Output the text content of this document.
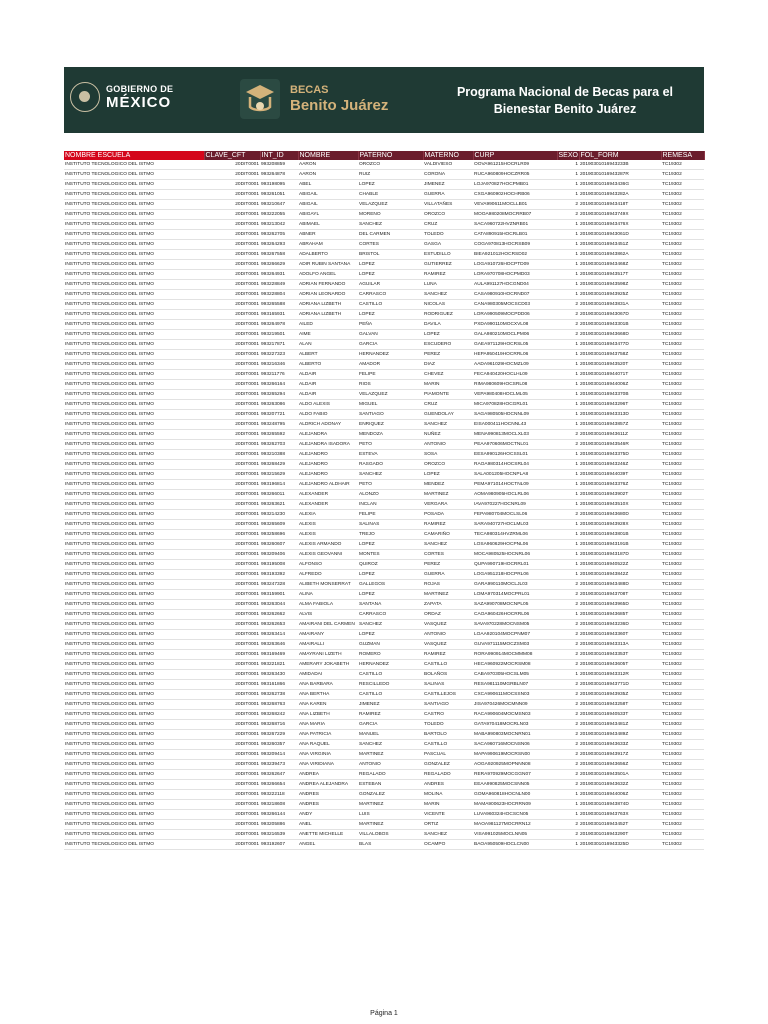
GOBIERNO DE
MÉXICO
BECAS
Benito Juárez
Programa Nacional de Becas para el
Bienestar Benito Juárez
NOMBRE ESCUELA	CLAVE_CFT	INT_ID	NOMBRE	PATERNO	MATERNO	CURP	SEXO	FOL_FORM	REMESA
INSTITUTO TECNOLOGICO DEL ISTMO	20DIT0001	993208859	AARON	OROZCO	VALDIVIESO	OOVA961215HOCRLR09	1	20190301016943233B	TC19302
INSTITUTO TECNOLOGICO DEL ISTMO	20DIT0001	993264878	AARON	RUIZ	CORONA	RUCA960809HOCZRR05	1	20190301016943287R	TC19302
INSTITUTO TECNOLOGICO DEL ISTMO	20DIT0001	993198095	ABEL	LOPEZ	JIMENEZ	LOJA970827HOCPMB01	1	20190301016943436G	TC19302
INSTITUTO TECNOLOGICO DEL ISTMO	20DIT0001	993261051	ABIGAIL	CHABLE	GUERRA	CXGA960902HOCHRB06	1	20190301016943282A	TC19302
INSTITUTO TECNOLOGICO DEL ISTMO	20DIT0001	993210647	ABIGAIL	VELAZQUEZ	VILLATAÑES	VEVA990611MOCLLB01	2	20190301016943418T	TC19302
INSTITUTO TECNOLOGICO DEL ISTMO	20DIT0001	993222055	ABIGAYL	MORENO	OROZCO	MOOA980208MOCRRB07	2	20190301016943749X	TC19302
INSTITUTO TECNOLOGICO DEL ISTMO	20DIT0001	993213042	ABIMAEL	SANCHEZ	CRUZ	SACA960722HVZNRB01	1	20190301016943476X	TC19302
INSTITUTO TECNOLOGICO DEL ISTMO	20DIT0001	993262705	ABNER	DEL CARMEN	TOLEDO	CATA890915HOCRLB01	1	20190301016943061D	TC19302
INSTITUTO TECNOLOGICO DEL ISTMO	20DIT0001	993264293	ABRAHAM	CORTES	GASGA	COGA970813HOCRSB09	1	20190301016943451Z	TC19302
INSTITUTO TECNOLOGICO DEL ISTMO	20DIT0001	993267558	ADALBERTO	BRISTOL	ESTUDILLO	BIEA921012HOCRSD02	1	20190301016943862A	TC19302
INSTITUTO TECNOLOGICO DEL ISTMO	20DIT0001	993266629	ADIR RUBIN SANTANA	LOPEZ	GUTIERREZ	LOGA910726HOCPTD09	1	20190301016943468Z	TC19302
INSTITUTO TECNOLOGICO DEL ISTMO	20DIT0001	993264931	ADOLFO ANGEL	LOPEZ	RAMIREZ	LORA970708HOCPMD03	1	20190301016943517T	TC19302
INSTITUTO TECNOLOGICO DEL ISTMO	20DIT0001	993228849	ADRIAN FERNANDO	AGUILAR	LUNA	AULA991127HOCGND04	1	20190301016943598Z	TC19302
INSTITUTO TECNOLOGICO DEL ISTMO	20DIT0001	993228804	ADRIAN LEONARDO	CARRASCO	SANCHEZ	CASA980910HOCRND07	1	20190301016943925Z	TC19302
INSTITUTO TECNOLOGICO DEL ISTMO	20DIT0001	993265588	ADRIANA LIZBETH	CASTILLO	NICOLAS	CANA980305MOCSCD03	2	20190301016943831A	TC19302
INSTITUTO TECNOLOGICO DEL ISTMO	20DIT0001	993165931	ADRIANA LIZBETH	LOPEZ	RODRIGUEZ	LORA990509MOCPDD06	2	20190301016943067D	TC19302
INSTITUTO TECNOLOGICO DEL ISTMO	20DIT0001	993264978	AILED	PEÑA	DAVILA	PXDA990110MOCXVL08	2	20190301016943301B	TC19302
INSTITUTO TECNOLOGICO DEL ISTMO	20DIT0001	993219501	AIME	GALVAN	LOPEZ	GALA980210MOCLPM06	2	20190301016943668D	TC19302
INSTITUTO TECNOLOGICO DEL ISTMO	20DIT0001	993217871	ALAN	GARCIA	ESCUDERO	GAEA971129HOCRSL05	1	20190301016943477D	TC19302
INSTITUTO TECNOLOGICO DEL ISTMO	20DIT0001	993227323	ALBERT	HERNANDEZ	PEREZ	HEPA950419HOCRRL06	1	20190301016943758Z	TC19302
INSTITUTO TECNOLOGICO DEL ISTMO	20DIT0001	993216346	ALBERTO	AMADOR	DIAZ	AADA961029HOCMZL09	1	20190301016943520T	TC19302
INSTITUTO TECNOLOGICO DEL ISTMO	20DIT0001	993211776	ALDAIR	FELIPE	CHEVEZ	FECA940420HOCLHL09	1	20190301016944071T	TC19302
INSTITUTO TECNOLOGICO DEL ISTMO	20DIT0001	993266164	ALDAIR	RIOS	MARIN	RIMA980609HOCSRL08	1	20190301016944006Z	TC19302
INSTITUTO TECNOLOGICO DEL ISTMO	20DIT0001	993265294	ALDAIR	VELAZQUEZ	PIAMONTE	VEPA980408HOCLML05	1	20190301016943370B	TC19302
INSTITUTO TECNOLOGICO DEL ISTMO	20DIT0001	993263086	ALDO ALEXIS	MIGUEL	CRUZ	MICA970828HOCGRL01	1	20190301016943296T	TC19302
INSTITUTO TECNOLOGICO DEL ISTMO	20DIT0001	993207721	ALDO FABIO	SANTIAGO	GUENDOLAY	SAGA980505HOCNNL09	1	20190301016943313D	TC19302
INSTITUTO TECNOLOGICO DEL ISTMO	20DIT0001	993248795	ALDRICH ADONAY	ENRIQUEZ	SANCHEZ	EISA000411HOCNNL43	1	20190301016943857Z	TC19302
INSTITUTO TECNOLOGICO DEL ISTMO	20DIT0001	993265592	ALEJANDRA	MENDOZA	NUÑEZ	MENA990813MOCLXL03	2	20190301016943611Z	TC19302
INSTITUTO TECNOLOGICO DEL ISTMO	20DIT0001	993262703	ALEJANDRA ISADORA	PETO	ANTONIO	PEAA970606MOCTNL01	2	20190301016943546R	TC19302
INSTITUTO TECNOLOGICO DEL ISTMO	20DIT0001	993210388	ALEJANDRO	ESTEVA	SOSA	EESA990126HOCSSL01	1	20190301016943375D	TC19302
INSTITUTO TECNOLOGICO DEL ISTMO	20DIT0001	993268429	ALEJANDRO	RASGADO	OROZCO	RAOA980314HOCSRL04	1	20190301016943246Z	TC19302
INSTITUTO TECNOLOGICO DEL ISTMO	20DIT0001	993215629	ALEJANDRO	SANCHEZ	LOPEZ	SALA001205HOCNPLA8	1	20190301016944039T	TC19302
INSTITUTO TECNOLOGICO DEL ISTMO	20DIT0001	993196814	ALEJANDRO ALDHAIR	PETO	MENDEZ	PEMA971014HOCTNL09	1	20190301016943376Z	TC19302
INSTITUTO TECNOLOGICO DEL ISTMO	20DIT0001	993266011	ALEXANDER	ALONZO	MARTINEZ	AOMA980905HOCLRL06	1	20190301016943902T	TC19302
INSTITUTO TECNOLOGICO DEL ISTMO	20DIT0001	993263621	ALEXANDER	INCLAN	VERGARA	IAVA970227HOCNRL09	1	20190301016943510X	TC19302
INSTITUTO TECNOLOGICO DEL ISTMO	20DIT0001	993214230	ALEXIA	FELIPE	POSADA	FEPA980704MOCLSL06	2	20190301016943680D	TC19302
INSTITUTO TECNOLOGICO DEL ISTMO	20DIT0001	993265609	ALEXIS	SALINAS	RAMIREZ	SARA940727HOCLML03	1	20190301016943928X	TC19302
INSTITUTO TECNOLOGICO DEL ISTMO	20DIT0001	993258696	ALEXIS	TREJO	CAMARIÑO	TECA980314HVZRML06	1	20190301016943801B	TC19302
INSTITUTO TECNOLOGICO DEL ISTMO	20DIT0001	993260607	ALEXIS ARMANDO	LOPEZ	SANCHEZ	LOSA960629HOCPNL06	1	20190301016943191B	TC19302
INSTITUTO TECNOLOGICO DEL ISTMO	20DIT0001	993209406	ALEXIS GEOVANNI	MONTES	CORTES	MOCA980525HOCNRL06	1	20190301016943187D	TC19302
INSTITUTO TECNOLOGICO DEL ISTMO	20DIT0001	993195008	ALFONSO	QUIROZ	PEREZ	QUPA990719HOCRRL01	1	20190301016940522Z	TC19302
INSTITUTO TECNOLOGICO DEL ISTMO	20DIT0001	993193392	ALFREDO	LOPEZ	GUERRA	LOGA951218HOCPRL06	1	20190301016943842Z	TC19302
INSTITUTO TECNOLOGICO DEL ISTMO	20DIT0001	993247328	ALIBETH MONSERRAT	GALLEGOS	ROJAS	GARA990110MOCLJL03	2	20190301016943488D	TC19302
INSTITUTO TECNOLOGICO DEL ISTMO	20DIT0001	993159901	ALINA	LOPEZ	MARTINEZ	LOMA970314MOCPRL01	2	20190301016943708T	TC19302
INSTITUTO TECNOLOGICO DEL ISTMO	20DIT0001	993263044	ALMA FABIOLA	SANTANA	ZAPATA	SAZA990708MOCNPL05	2	20190301016943965D	TC19302
INSTITUTO TECNOLOGICO DEL ISTMO	20DIT0001	993262662	ALVIS	CARRASCO	ORDAZ	CAOA960426HOCRRL06	1	20190301016943685T	TC19302
INSTITUTO TECNOLOGICO DEL ISTMO	20DIT0001	993262653	AMAIRANI DEL CARMEN	SANCHEZ	VASQUEZ	SAVA970228MOCNSM05	2	20190301016943236D	TC19302
INSTITUTO TECNOLOGICO DEL ISTMO	20DIT0001	993263414	AMAIRANY	LOPEZ	ANTONIO	LOAA920104MOCPNM07	2	20190301016943360T	TC19302
INSTITUTO TECNOLOGICO DEL ISTMO	20DIT0001	993263646	AMAIRALLI	GUZMAN	VASQUEZ	GUVA971115MOCZSM03	2	20190301016943313A	TC19302
INSTITUTO TECNOLOGICO DEL ISTMO	20DIT0001	993169469	AMAYRANI LIZETH	ROMERO	RAMIREZ	RORA990914MOCMMM08	2	20190301016943353T	TC19302
INSTITUTO TECNOLOGICO DEL ISTMO	20DIT0001	993221821	AMERARY JOKABETH	HERNANDEZ	CASTILLO	HECA960922MOCRSM08	2	20190301016943605T	TC19302
INSTITUTO TECNOLOGICO DEL ISTMO	20DIT0001	993263430	AMIDADAI	CASTILLO	BOLAÑOS	CABA970305HOCSLM05	1	20190301016943312R	TC19302
INSTITUTO TECNOLOGICO DEL ISTMO	20DIT0001	993161866	ANA BARBARA	RESCILLEDO	SALINAS	RESA981110MGRBLN07	2	20190301016943771D	TC19302
INSTITUTO TECNOLOGICO DEL ISTMO	20DIT0001	993262738	ANA BERTHA	CASTILLO	CASTILLEJOS	CXCA990611MOCSSN03	2	20190301016943935Z	TC19302
INSTITUTO TECNOLOGICO DEL ISTMO	20DIT0001	993268763	ANA KAREN	JIMENEZ	SANTIAGO	JISA970426MOCMNN09	2	20190301016943258T	TC19302
INSTITUTO TECNOLOGICO DEL ISTMO	20DIT0001	993268242	ANA LIZBETH	RAMIREZ	CASTRO	RACA990604MOCMSN03	2	20190301016940533T	TC19302
INSTITUTO TECNOLOGICO DEL ISTMO	20DIT0001	993268716	ANA MARIA	GARCIA	TOLEDO	GATA970418MOCRLN03	2	20190301016943481Z	TC19302
INSTITUTO TECNOLOGICO DEL ISTMO	20DIT0001	993267229	ANA PATRICIA	MANUEL	BARTOLO	MABA990803MOCNRN01	2	20190301016943489Z	TC19302
INSTITUTO TECNOLOGICO DEL ISTMO	20DIT0001	993260357	ANA RAQUEL	SANCHEZ	CASTILLO	SACA960716MOCNSN06	2	20190301016943633Z	TC19302
INSTITUTO TECNOLOGICO DEL ISTMO	20DIT0001	993209414	ANA VIRGINIA	MARTINEZ	PASCUAL	MAPA990619MOCRSN00	2	20190301016943917Z	TC19302
INSTITUTO TECNOLOGICO DEL ISTMO	20DIT0001	993239473	ANA VIRIDIANA	ANTONIO	GONZALEZ	AOGA920925MOPNNN08	2	20190301016943656Z	TC19302
INSTITUTO TECNOLOGICO DEL ISTMO	20DIT0001	993262647	ANDREA	REGALADO	REGALADO	RERA970929MOCGGN07	2	20190301016943501A	TC19302
INSTITUTO TECNOLOGICO DEL ISTMO	20DIT0001	993266654	ANDREA ALEJANDRA	ESTEBAN	ANDRES	EEAA990825MOCSNN05	2	20190301016943632Z	TC19302
INSTITUTO TECNOLOGICO DEL ISTMO	20DIT0001	993222118	ANDRES	GONZALEZ	MOLINA	GOMA960818HOCNLN00	1	20190301016944006Z	TC19302
INSTITUTO TECNOLOGICO DEL ISTMO	20DIT0001	993218608	ANDRES	MARTINEZ	MARIN	MAMA900623HOCRRN09	1	20190301016943874D	TC19302
INSTITUTO TECNOLOGICO DEL ISTMO	20DIT0001	993266144	ANDY	LUIS	VICENTE	LUVA960324HOCSCN05	1	20190301016943763X	TC19302
INSTITUTO TECNOLOGICO DEL ISTMO	20DIT0001	993205886	ANEL	MARTINEZ	ORTIZ	MAOA981127MOCRRN12	2	20190301016943452T	TC19302
INSTITUTO TECNOLOGICO DEL ISTMO	20DIT0001	993216539	ANETTE MICHELLE	VILLALOBOS	SANCHEZ	VISA991025MOCLNN05	2	20190301016943290T	TC19302
INSTITUTO TECNOLOGICO DEL ISTMO	20DIT0001	993192607	ANGEL	BLAS	OCAMPO	BAOA950509HOCLCN00	1	20190301016943325D	TC19302
Página 1
